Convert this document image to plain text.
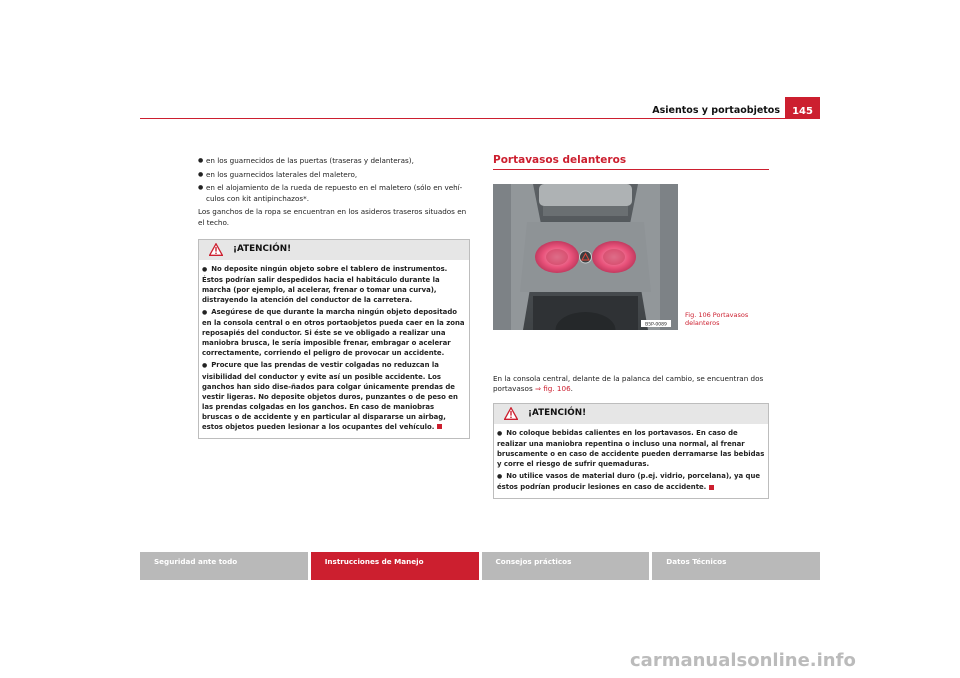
Asientos y portaobjetos	145
● en los guarnecidos de las puertas (traseras y delanteras),
● en los guarnecidos laterales del maletero,
● en el alojamiento de la rueda de repuesto en el maletero (sólo en vehí-culos con kit antipinchazos*.
Los ganchos de la ropa se encuentran en los asideros traseros situados en el techo.
¡ATENCIÓN!
● No deposite ningún objeto sobre el tablero de instrumentos. Éstos podrían salir despedidos hacia el habitáculo durante la marcha (por ejemplo, al acelerar, frenar o tomar una curva), distrayendo la atención del conductor de la carretera.
● Asegúrese de que durante la marcha ningún objeto depositado en la consola central o en otros portaobjetos pueda caer en la zona reposapiés del conductor. Si éste se ve obligado a realizar una maniobra brusca, le sería imposible frenar, embragar o acelerar correctamente, corriendo el peligro de provocar un accidente.
● Procure que las prendas de vestir colgadas no reduzcan la visibilidad del conductor y evite así un posible accidente. Los ganchos han sido dise-ñados para colgar únicamente prendas de vestir ligeras. No deposite objetos duros, punzantes o de peso en las prendas colgadas en los ganchos. En caso de maniobras bruscas o de accidente y en particular al dispararse un airbag, estos objetos pueden lesionar a los ocupantes del vehículo.
Portavasos delanteros
B5P-0089
Fig. 106 Portavasos delanteros
En la consola central, delante de la palanca del cambio, se encuentran dos portavasos ⇒ fig. 106.
¡ATENCIÓN!
● No coloque bebidas calientes en los portavasos. En caso de realizar una maniobra repentina o incluso una normal, al frenar bruscamente o en caso de accidente pueden derramarse las bebidas y corre el riesgo de sufrir quemaduras.
● No utilice vasos de material duro (p.ej. vidrio, porcelana), ya que éstos podrían producir lesiones en caso de accidente.
Seguridad ante todo	Instrucciones de Manejo	Consejos prácticos	Datos Técnicos
carmanualsonline.info
